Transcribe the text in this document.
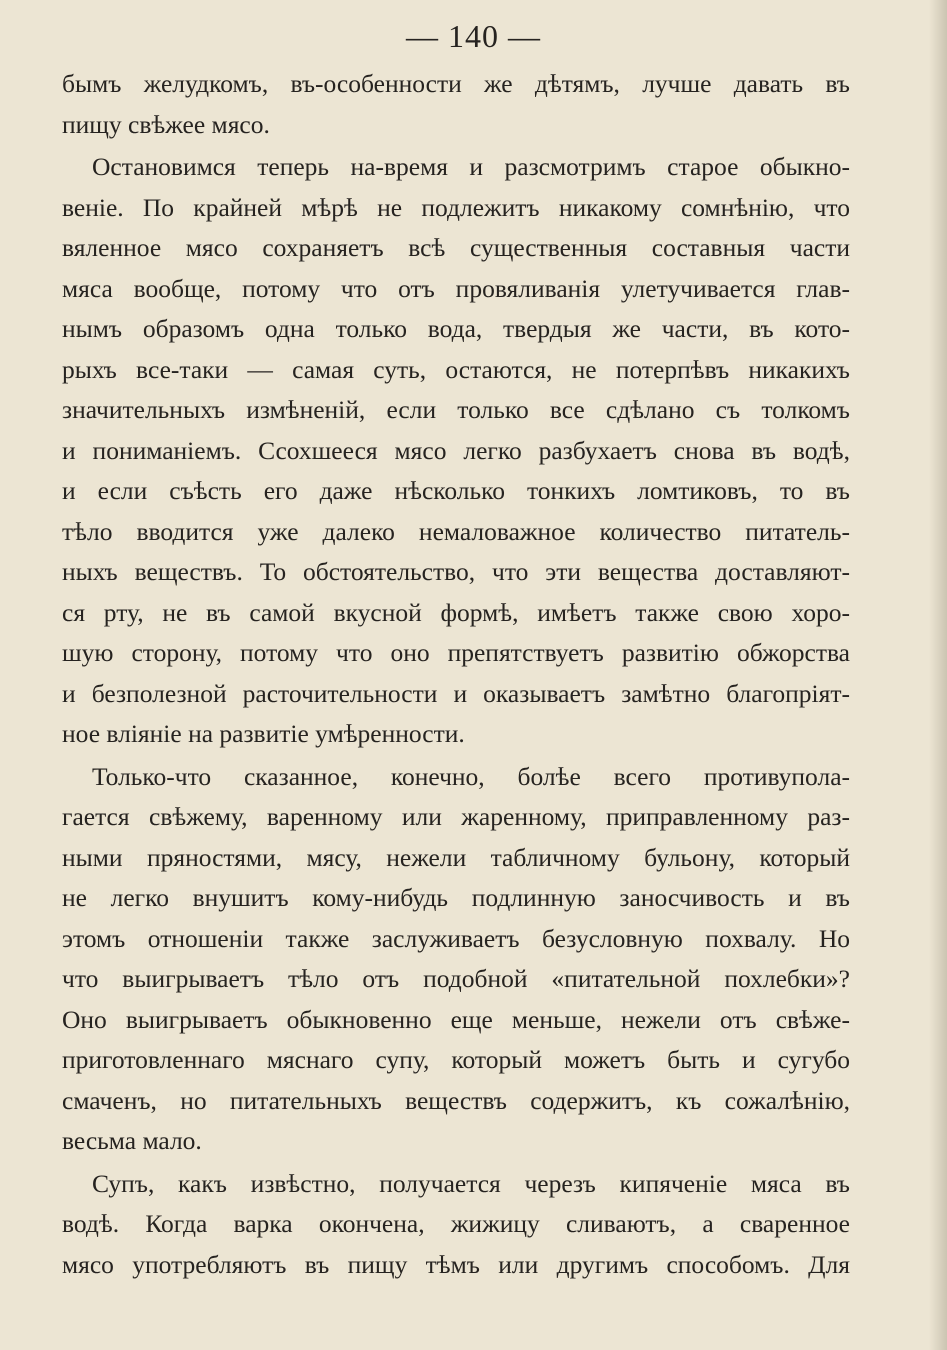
— 140 —
бымъ желудкомъ, въ-особенности же дѣтямъ, лучше давать въ
пищу свѣжее мясо.
Остановимся теперь на-время и разсмотримъ старое обыкно-
веніе. По крайней мѣрѣ не подлежитъ никакому сомнѣнію, что
вяленное мясо сохраняетъ всѣ существенныя составныя части
мяса вообще, потому что отъ провяливанія улетучивается глав-
нымъ образомъ одна только вода, твердыя же части, въ кото-
рыхъ все-таки — самая суть, остаются, не потерпѣвъ никакихъ
значительныхъ измѣненій, если только все сдѣлано съ толкомъ
и пониманіемъ. Ссохшееся мясо легко разбухаетъ снова въ водѣ,
и если съѣсть его даже нѣсколько тонкихъ ломтиковъ, то въ
тѣло вводится уже далеко немаловажное количество питатель-
ныхъ веществъ. То обстоятельство, что эти вещества доставляют-
ся рту, не въ самой вкусной формѣ, имѣетъ также свою хоро-
шую сторону, потому что оно препятствуетъ развитію обжорства
и безполезной расточительности и оказываетъ замѣтно благопріят-
ное вліяніе на развитіе умѣренности.
Только-что сказанное, конечно, болѣе всего противупола-
гается свѣжему, варенному или жаренному, приправленному раз-
ными пряностями, мясу, нежели табличному бульону, который
не легко внушитъ кому-нибудь подлинную заносчивость и въ
этомъ отношеніи также заслуживаетъ безусловную похвалу. Но
что выигрываетъ тѣло отъ подобной «питательной похлебки»?
Оно выигрываетъ обыкновенно еще меньше, нежели отъ свѣже-
приготовленнаго мяснаго супу, который можетъ быть и сугубо
смаченъ, но питательныхъ веществъ содержитъ, къ сожалѣнію,
весьма мало.
Супъ, какъ извѣстно, получается черезъ кипяченіе мяса въ
водѣ. Когда варка окончена, жижицу сливаютъ, а сваренное
мясо употребляютъ въ пищу тѣмъ или другимъ способомъ. Для
